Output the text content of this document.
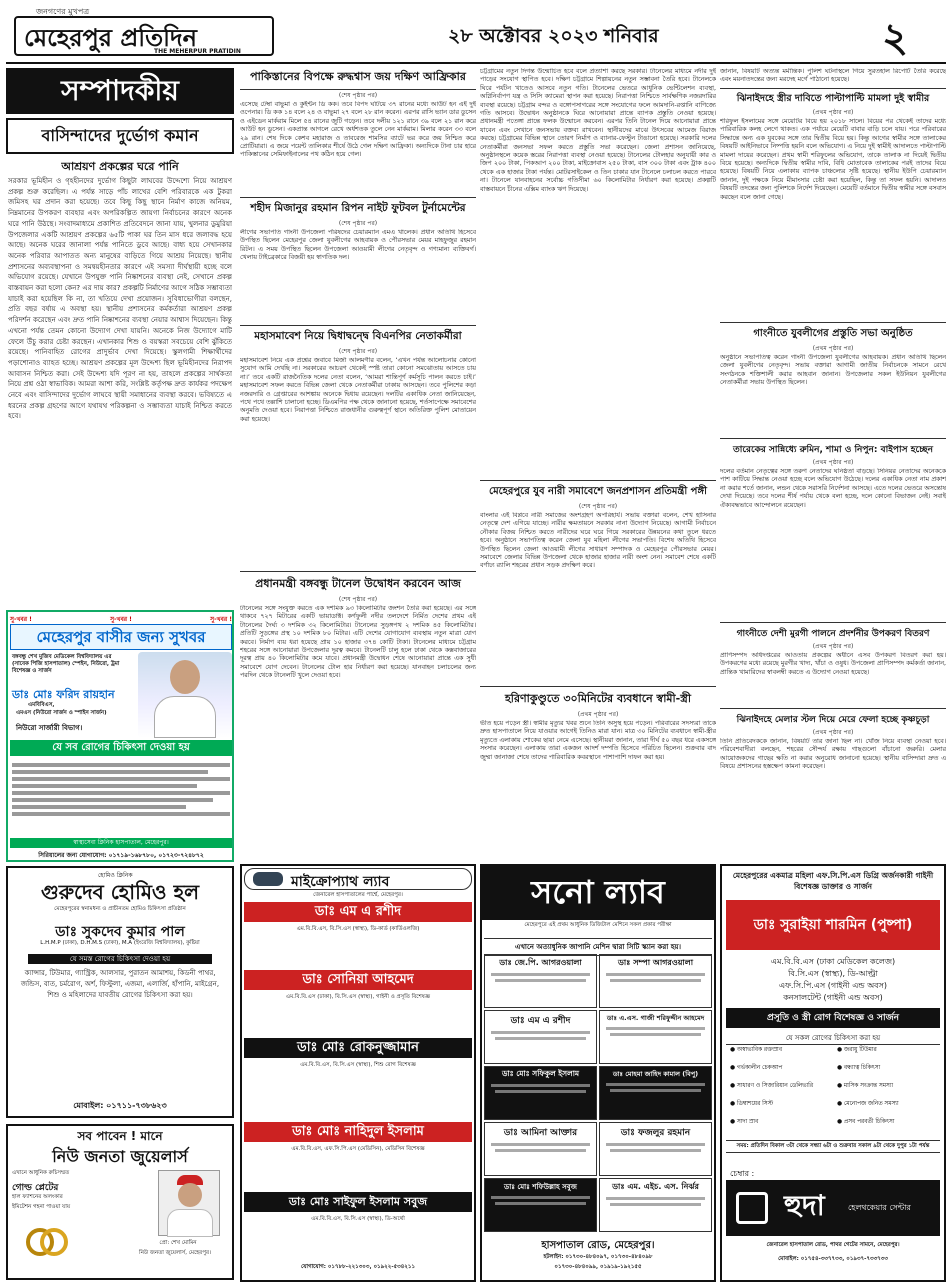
জনগণের মুখপত্র
মেহেরপুর প্রতিদিন
THE MEHERPUR PRATIDIN
২৮ অক্টোবর ২০২৩ শনিবার	২
সম্পাদকীয়
বাসিন্দাদের দুর্ভোগ কমান
আশ্রয়ণ প্রকল্পের ঘরে পানি
সরকার ভূমিহীন ও গৃহহীনদের দুর্ভোগ কিছুটা লাঘবের উদ্দেশ্যে নিয়ে আশ্রয়ণ প্রকল্প শুরু করেছিল। এ পর্যন্ত সাড়ে পাঁচ লাখের বেশি পরিবারকে এক টুকরা জমিসহ ঘর প্রদান করা হয়েছে। তবে কিছু কিছু স্থানে নির্মাণ কাজে অনিয়ম, নিম্নমানের উপকরণ ব্যবহার এবং অপরিকল্পিত জায়গা নির্বাচনের কারণে অনেক ঘরে পানি উঠছে। সংবাদমাধ্যমে প্রকাশিত প্রতিবেদনে জানা যায়, খুলনার ডুমুরিয়া উপজেলার একটি আশ্রয়ণ প্রকল্পের ৬৫টি পাকা ঘর তিন মাস ধরে জলাবদ্ধ হয়ে আছে। অনেক ঘরের জানালা পর্যন্ত পানিতে ডুবে আছে। বাধ্য হয়ে সেখানকার অনেক পরিবার আপাতত অন্য মানুষের বাড়িতে গিয়ে আশ্রয় নিয়েছে। স্থানীয় প্রশাসনের অব্যবস্থাপনা ও সমন্বয়হীনতার কারণে এই সমস্যা দীর্ঘস্থায়ী হচ্ছে বলে অভিযোগ রয়েছে। যেখানে উপযুক্ত পানি নিষ্কাশনের ব্যবস্থা নেই, সেখানে প্রকল্প বাস্তবায়ন করা হলো কেন? এর দায় কার? প্রকল্পটি নির্মাণের আগে সঠিক সম্ভাব্যতা যাচাই করা হয়েছিল কি না, তা খতিয়ে দেখা প্রয়োজন। সুবিধাভোগীরা বলছেন, প্রতি বছর বর্ষায় এ অবস্থা হয়। স্থানীয় প্রশাসনের কর্মকর্তারা আশ্রয়ণ প্রকল্প পরিদর্শন করেছেন এবং দ্রুত পানি নিষ্কাশনের ব্যবস্থা নেয়ার আশ্বাস দিয়েছেন। কিন্তু এখনো পর্যন্ত তেমন কোনো উদ্যোগ দেখা যায়নি। অনেকে নিজ উদ্যোগে মাটি ফেলে উঁচু করার চেষ্টা করছেন। এখানকার শিশু ও বয়স্করা সবচেয়ে বেশি ঝুঁকিতে রয়েছে। পানিবাহিত রোগের প্রাদুর্ভাব দেখা দিয়েছে। স্কুলগামী শিক্ষার্থীদের পড়াশোনাও ব্যাহত হচ্ছে। আশ্রয়ণ প্রকল্পের মূল উদ্দেশ্য ছিল ভূমিহীনদের নিরাপদ আবাসন নিশ্চিত করা। সেই উদ্দেশ্য যদি পূরণ না হয়, তাহলে প্রকল্পের সার্থকতা নিয়ে প্রশ্ন ওঠা স্বাভাবিক। আমরা আশা করি, সংশ্লিষ্ট কর্তৃপক্ষ দ্রুত কার্যকর পদক্ষেপ নেবে এবং বাসিন্দাদের দুর্ভোগ লাঘবে স্থায়ী সমাধানের ব্যবস্থা করবে। ভবিষ্যতে এ ধরনের প্রকল্প গ্রহণের আগে যথাযথ পরিকল্পনা ও সম্ভাব্যতা যাচাই নিশ্চিত করতে হবে।
সু-খবর !	সু-খবর !	সু-খবর !
মেহেরপুর বাসীর জন্য সুখবর
বঙ্গবন্ধু শেখ মুজিব মেডিকেল বিশ্ববিদ্যালয় এর (সাবেক পিজি হাসপাতাল) স্পেইন, নিউরো, ট্রমা বিশেষজ্ঞ ও সার্জন
ডাঃ মোঃ ফরিদ রায়হান
এমবিবিএস,
এমএস (নিউরো সার্জন ও স্পাইন সার্জন)
নিউরো সার্জারী বিভাগ।
যে সব রোগের চিকিৎসা দেওয়া হয়
স্বাস্থ্যসেবা ক্লিনিক হাসপাতাল, মেহেরপুর।
সিরিয়ালের জন্য যোগাযোগ: ০১৭১৯-১৬৮৭৮০, ০১৭২৩-৭২৪৮৭২
হোমিও ক্লিনিক
গুরুদেব হোমিও হল
মেহেরপুরের স্বনামধন্য ও প্রাচীনতম হোমিও চিকিৎসা প্রতিষ্ঠান
ডাঃ সুকদেব কুমার পাল
L.H.M.P (ঢাকা), D.H.M.S (ঢাকা), M.A (ইংরেজি বিশ্ববিদ্যালয়), কুষ্টিয়া
যে সমস্ত রোগের চিকিৎসা দেওয়া হয়
ক্যান্সার, টিউমার, গ্যাস্ট্রিক, আলসার, পুরাতন আমাশয়, কিডনী পাথর, জন্ডিস, বাত, চর্মরোগ, অর্শ, ফিস্টুলা, এজমা, এলার্জি, হাঁপানি, মাইগ্রেন, শিশু ও মহিলাদের যাবতীয় রোগের চিকিৎসা করা হয়।
মোবাইল: ০১৭১১-৭৩৮৬২৩
সব পাবেন ! মানে
নিউ জনতা জুয়েলার্স
এখানে আধুনিক রুচিসম্মত
গোল্ড প্লেটের
হাল ফ্যাশনের অলংকার
ইমিটেশন গহনা পাওয়া যায়
প্রো: শেখ মোমিন
নিউ জনতা জুয়েলার্স, মেহেরপুর।
পাকিস্তানের বিপক্ষে রুদ্ধশ্বাস জয় দক্ষিণ আফ্রিকার
(শেষ পৃষ্ঠার পর)
এসেছে টেম্বা বাভুমা ও কুইন্টন ডি কক। তবে বিপদ ঘটিয়ে ৩৭ রানের মধ্যে আউট হন এই দুই ওপেনার। ডি কক ১৪ বলে ২৪ ও বাভুমা ২৭ বলে ২৮ রান করেন। এরপর রাসি ভ্যান ডার ডুসেন ও এইডেন মার্করাম মিলে ৫৪ রানের জুটি গড়েন। তবে দলীয় ১২১ রানে ৩৯ বলে ২১ রান করে আউট হন ডুসেন। একপ্রান্ত আগলে রেখে অর্ধশতক তুলে নেন মার্করাম। মিলার করেন ৩৩ বলে ২৯ রান। শেষ দিকে কেশব মহারাজ ও তাবরেজ শামসির ব্যাটে ভর করে জয় নিশ্চিত করে প্রোটিয়ারা। এ জয়ে পয়েন্ট তালিকার শীর্ষে উঠে গেল দক্ষিণ আফ্রিকা। অন্যদিকে টানা চার হারে পাকিস্তানের সেমিফাইনালের পথ কঠিন হয়ে গেল।
শহীদ মিজানুর রহমান রিপন নাইট ফুটবল টুর্নামেন্টের
(শেষ পৃষ্ঠার পর)
লীগের সভাপতি গাংনী উপজেলা পরিষদের চেয়ারম্যান এমএ খালেক। প্রধান অতিথি হিসেবে উপস্থিত ছিলেন মেহেরপুর জেলা যুবলীগের আহবায়ক ও পৌরসভার মেয়র মাহফুজুর রহমান রিটন। এ সময় উপস্থিত ছিলেন উপজেলা আওয়ামী লীগের নেতৃবৃন্দ ও গণ্যমান্য ব্যক্তিবর্গ। খেলায় টাইব্রেকারে বিজয়ী হয় স্বাগতিক দল।
মহাসমাবেশ নিয়ে দ্বিধাদ্বন্দ্বে বিএনপির নেতাকর্মীরা
(শেষ পৃষ্ঠার পর)
মহাসমাবেশ নিয়ে এক প্রশ্নের জবাবে মির্জা আলমগীর বলেন, ‘এখন পর্যন্ত আলোচনার কোনো সুযোগ আমি দেখছি না। সরকারের আচরণ থেকেই স্পষ্ট তারা কোনো সমঝোতায় আসতে চায় না।’ তবে একটি রাজনৈতিক দলের নেতা বলেন, ‘আমরা শান্তিপূর্ণ কর্মসূচি পালন করতে চাই।’ মহাসমাবেশ সফল করতে বিভিন্ন জেলা থেকে নেতাকর্মীরা ঢাকায় আসছেন। তবে পুলিশের কড়া নজরদারি ও গ্রেপ্তারের আশঙ্কায় অনেকে দ্বিধায় রয়েছেন। দলটির একাধিক নেতা জানিয়েছেন, পথে পথে তল্লাশি চালানো হচ্ছে। ডিএমপির পক্ষ থেকে জানানো হয়েছে, শর্তসাপেক্ষে সমাবেশের অনুমতি দেওয়া হবে। নিরাপত্তা নিশ্চিতে রাজধানীর গুরুত্বপূর্ণ স্থানে অতিরিক্ত পুলিশ মোতায়েন করা হয়েছে।
প্রধানমন্ত্রী বঙ্গবন্ধু টানেল উদ্বোধন করবেন আজ
(শেষ পৃষ্ঠার পর)
টানেলের সঙ্গে সংযুক্ত করতে এক দশমিক ৯৩ কিলোমিটার জংশন তৈরি করা হয়েছে। এর সঙ্গে থাকবে ৭২৭ মিটারের একটি ভায়াডাক্ট। কর্ণফুলী নদীর তলদেশে নির্মিত দেশের প্রথম এই টানেলের দৈর্ঘ্য ৩ দশমিক ৩২ কিলোমিটার। টানেলের সুড়ঙ্গপথ ২ দশমিক ৪৫ কিলোমিটার। প্রতিটি সুড়ঙ্গের প্রস্থ ১০ দশমিক ৮০ মিটার। এটি দেশের যোগাযোগ ব্যবস্থায় নতুন মাত্রা যোগ করবে। নির্মাণ ব্যয় ধরা হয়েছে প্রায় ১০ হাজার ৩৭৪ কোটি টাকা। টানেলের মাধ্যমে চট্টগ্রাম শহরের সঙ্গে আনোয়ারা উপজেলার দূরত্ব কমবে। টানেলটি চালু হলে ঢাকা থেকে কক্সবাজারের দূরত্ব প্রায় ৪০ কিলোমিটার কমে যাবে। প্রধানমন্ত্রী উদ্বোধন শেষে আনোয়ারা প্রান্তে এক সুধী সমাবেশে যোগ দেবেন। টানেলের টোল হার নির্ধারণ করা হয়েছে। যানবাহন চলাচলের জন্য পরদিন থেকে টানেলটি খুলে দেওয়া হবে।
চট্টগ্রামের নতুন দিগন্ত উন্মোচিত হবে বলে প্রত্যাশা করছে সরকার। টানেলের মাধ্যমে নদীর দুই পাড়ের সংযোগ স্থাপিত হবে। দক্ষিণ চট্টগ্রামে শিল্পায়নের নতুন সম্ভাবনা তৈরি হবে। টানেলকে ঘিরে পর্যটন খাতেও আসবে নতুন গতি। টানেলের ভেতরে আধুনিক ভেন্টিলেশন ব্যবস্থা, অগ্নিনির্বাপণ যন্ত্র ও সিসি ক্যামেরা স্থাপন করা হয়েছে। নিরাপত্তা নিশ্চিতে সার্বক্ষণিক নজরদারির ব্যবস্থা রয়েছে। চট্টগ্রাম বন্দর ও বঙ্গোপসাগরের সঙ্গে সংযোগের ফলে আমদানি-রপ্তানি বাণিজ্যে গতি আসবে। উদ্বোধন অনুষ্ঠানকে ঘিরে আনোয়ারা প্রান্তে ব্যাপক প্রস্তুতি নেওয়া হয়েছে। প্রধানমন্ত্রী পতেঙ্গা প্রান্তে ফলক উন্মোচন করবেন। এরপর তিনি টানেল দিয়ে আনোয়ারা প্রান্তে যাবেন এবং সেখানে জনসভায় বক্তব্য রাখবেন। স্থানীয়দের মাঝে উৎসবের আমেজ বিরাজ করছে। চট্টগ্রামের বিভিন্ন স্থানে তোরণ নির্মাণ ও ব্যানার-ফেস্টুন টাঙানো হয়েছে। সরকারি দলের নেতাকর্মীরা জনসভা সফল করতে প্রস্তুতি সভা করেছেন। জেলা প্রশাসন জানিয়েছে, অনুষ্ঠানস্থলে কয়েক স্তরের নিরাপত্তা ব্যবস্থা নেওয়া হয়েছে। টানেলের টোলহার অনুযায়ী কার ও জিপ ২০০ টাকা, পিকআপ ২০০ টাকা, মাইক্রোবাস ২৫০ টাকা, বাস ৩০০ টাকা এবং ট্রাক ৪০০ থেকে এক হাজার টাকা পর্যন্ত। মোটরসাইকেল ও তিন চাকার যান টানেলে চলাচল করতে পারবে না। টানেলে যানবাহনের সর্বোচ্চ গতিসীমা ৬০ কিলোমিটার নির্ধারণ করা হয়েছে। প্রকল্পটি বাস্তবায়নে চীনের এক্সিম ব্যাংক ঋণ দিয়েছে।
মেহেরপুরে যুব নারী সমাবেশে জনপ্রশাসন প্রতিমন্ত্রী পঙ্গী
(শেষ পৃষ্ঠার পর)
বাংলার এই বিপ্লবে নারী সমাজের অংশগ্রহণ অপরিহার্য। সভায় বক্তারা বলেন, শেখ হাসিনার নেতৃত্বে দেশ এগিয়ে যাচ্ছে। নারীর ক্ষমতায়নে সরকার নানা উদ্যোগ নিয়েছে। আগামী নির্বাচনে নৌকার বিজয় নিশ্চিত করতে নারীদের ঘরে ঘরে গিয়ে সরকারের উন্নয়নের কথা তুলে ধরতে হবে। অনুষ্ঠানে সভাপতিত্ব করেন জেলা যুব মহিলা লীগের সভাপতি। বিশেষ অতিথি হিসেবে উপস্থিত ছিলেন জেলা আওয়ামী লীগের সাধারণ সম্পাদক ও মেহেরপুর পৌরসভার মেয়র। সমাবেশে জেলার বিভিন্ন উপজেলা থেকে হাজার হাজার নারী অংশ নেন। সমাবেশ শেষে একটি বর্ণাঢ্য র‍্যালি শহরের প্রধান সড়ক প্রদক্ষিণ করে।
হরিণাকুণ্ডুতে ৩০মিনিটের ব্যবধানে স্বামী-স্ত্রী
(প্রথম পৃষ্ঠার পর)
ভীত হয়ে পড়েন স্ত্রী। স্বামীর মৃত্যুর খবর শুনে তিনি অসুস্থ হয়ে পড়েন। পরিবারের সদস্যরা তাকে দ্রুত হাসপাতালে নিয়ে যাওয়ার আগেই তিনিও মারা যান। মাত্র ৩০ মিনিটের ব্যবধানে স্বামী-স্ত্রীর মৃত্যুতে এলাকায় শোকের ছায়া নেমে এসেছে। স্থানীয়রা জানান, তারা দীর্ঘ ৫০ বছর ধরে একসঙ্গে সংসার করেছেন। এলাকায় তারা একজন আদর্শ দম্পতি হিসেবে পরিচিত ছিলেন। শুক্রবার বাদ জুম্মা জানাজা শেষে তাদের পারিবারিক কবরস্থানে পাশাপাশি দাফন করা হয়।
জানান, বিষয়টি অত্যন্ত মর্মান্তিক। পুলিশ ঘটনাস্থলে গিয়ে সুরতহাল রিপোর্ট তৈরি করেছে এবং ময়নাতদন্তের জন্য মরদেহ মর্গে পাঠানো হয়েছে।
ঝিনাইদহে স্ত্রীর দাবিতে পাল্টাপাল্টি মামলা দুই স্বামীর
(প্রথম পৃষ্ঠার পর)
শরিফুল ইসলামের সঙ্গে মেয়েটির বিয়ে হয় ২০১৮ সালে। বিয়ের পর থেকেই তাদের মধ্যে পারিবারিক কলহ লেগে থাকত। এক পর্যায়ে মেয়েটি বাবার বাড়ি চলে যায়। পরে পরিবারের সিদ্ধান্তে অন্য এক যুবকের সঙ্গে তার দ্বিতীয় বিয়ে হয়। কিন্তু আগের স্বামীর সঙ্গে তালাকের বিষয়টি আইনিভাবে নিষ্পত্তি হয়নি বলে অভিযোগ। এ নিয়ে দুই স্বামীই আদালতে পাল্টাপাল্টি মামলা দায়ের করেছেন। প্রথম স্বামী শরিফুলের অভিযোগ, তাকে তালাক না দিয়েই দ্বিতীয় বিয়ে হয়েছে। অন্যদিকে দ্বিতীয় স্বামীর দাবি, বিধি মোতাবেক তালাকের পরই তাদের বিয়ে হয়েছে। বিষয়টি নিয়ে এলাকায় ব্যাপক চাঞ্চল্যের সৃষ্টি হয়েছে। স্থানীয় ইউপি চেয়ারম্যান জানান, দুই পক্ষকে নিয়ে মীমাংসার চেষ্টা করা হয়েছিল, কিন্তু তা সফল হয়নি। আদালত বিষয়টি তদন্তের জন্য পুলিশকে নির্দেশ দিয়েছেন। মেয়েটি বর্তমানে দ্বিতীয় স্বামীর সঙ্গে বসবাস করছেন বলে জানা গেছে।
গাংনীতে যুবলীগের প্রস্তুতি সভা অনুষ্ঠিত
(প্রথম পৃষ্ঠার পর)
অনুষ্ঠানে সভাপতিত্ব করেন গাংনী উপজেলা যুবলীগের আহবায়ক। প্রধান অতিথি ছিলেন জেলা যুবলীগের নেতৃবৃন্দ। সভায় বক্তারা আগামী জাতীয় নির্বাচনকে সামনে রেখে সংগঠনকে শক্তিশালী করার আহবান জানান। উপজেলার সকল ইউনিয়ন যুবলীগের নেতাকর্মীরা সভায় উপস্থিত ছিলেন।
তারেকের সান্নিধ্যে রুমিন, শামা ও নিপুন: বাইপাস হচ্ছেন
(প্রথম পৃষ্ঠার পর)
দলের বর্তমান নেতৃত্বের সঙ্গে তরুণ নেতাদের ঘনিষ্ঠতা বাড়ছে। সিনিয়র নেতাদের অনেককে পাশ কাটিয়ে সিদ্ধান্ত নেওয়া হচ্ছে বলে অভিযোগ উঠেছে। দলের একাধিক নেতা নাম প্রকাশ না করার শর্তে জানান, লন্ডন থেকে সরাসরি নির্দেশনা আসছে। এতে দলের ভেতরে অসন্তোষ দেখা দিয়েছে। তবে দলের শীর্ষ পর্যায় থেকে বলা হচ্ছে, দলে কোনো বিভাজন নেই। সবাই ঐক্যবদ্ধভাবে আন্দোলনে রয়েছেন।
গাংনীতে দেশী মুরগী পালনে প্রদর্শনীর উপকরণ বিতরণ
(প্রথম পৃষ্ঠার পর)
প্রাণিসম্পদ অধিদপ্তরের আওতায় প্রকল্পের অধীনে এসব উপকরণ বিতরণ করা হয়। উপকরণের মধ্যে রয়েছে মুরগীর খাদ্য, খাঁচা ও ওষুধ। উপজেলা প্রাণিসম্পদ কর্মকর্তা জানান, প্রান্তিক খামারিদের স্বাবলম্বী করতে এ উদ্যোগ নেওয়া হয়েছে।
ঝিনাইদহে মেলার স্টল দিয়ে মেরে ফেলা হচ্ছে কৃষ্ণচূড়া
(প্রথম পৃষ্ঠার পর)
তিনি প্রতিবেদককে জানান, বিষয়টি তার জানা ছিল না। খোঁজ নিয়ে ব্যবস্থা নেওয়া হবে। পরিবেশবাদীরা বলছেন, শহরের সৌন্দর্য রক্ষায় গাছগুলো বাঁচানো জরুরি। মেলার আয়োজকদের গাছের ক্ষতি না করার অনুরোধ জানানো হয়েছে। স্থানীয় বাসিন্দারা দ্রুত এ বিষয়ে প্রশাসনের হস্তক্ষেপ কামনা করেছেন।
মাইক্রোপ্যাথ ল্যাব
জেনারেল হাসপাতালের পার্শ্বে, মেহেরপুর।
ডাঃ এম এ রশীদ
এম.বি.বি.এস, বি.সি.এস (স্বাস্থ্য), ডি-কার্ড (কার্ডিওলজি)
ডাঃ সোনিয়া আহমেদ
এম.বি.বি.এস (ঢাকা), বি.সি.এস (স্বাস্থ্য), গাইনী ও প্রসূতি বিশেষজ্ঞ
ডাঃ মোঃ রোকনুজ্জামান
এম.বি.বি.এস, বি.সি.এস (স্বাস্থ্য), শিশু রোগ বিশেষজ্ঞ
ডাঃ মোঃ নাহিদুল ইসলাম
এম.বি.বি.এস, এফ.সি.পি.এস (মেডিসিন), মেডিসিন বিশেষজ্ঞ
ডাঃ মোঃ সাইফুল ইসলাম সবুজ
এম.বি.বি.এস, বি.সি.এস (স্বাস্থ্য), ডি-অর্থো
যোগাযোগ: ০১৭৮৮-২২১৩০৩, ০১৯২২-৫৩৪২১১
সনো ল্যাব
মেহেরপুরে এই প্রথম আধুনিক ডিজিটাল মেশিনে সকল প্রকার পরীক্ষা
এখানে অত্যাধুনিক জাপানি মেশিন দ্বারা সিটি স্ক্যান করা হয়।
ডাঃ জে.পি. আগরওয়ালা	ডাঃ সম্পা আগরওয়ালা
ডাঃ এম এ রশীদ	ডাঃ এ.এস. গাজী শরিফুদ্দীন আহমেদ
ডাঃ মোঃ সফিকুল ইসলাম	ডাঃ মোহমা জাহিদ কামাল (বিপু)
ডাঃ আমিনা আক্তার	ডাঃ ফজলুর রহমান
ডাঃ মোঃ শফিউল্লাহ সবুজ	ডাঃ এম. এইচ. এস. নির্ঝর
হাসপাতাল রোড, মেহেরপুর।
হটলাইন: ০১৭৩০-৪৮৪০৯৭, ০১৭৩০-৪৮৪০৯৮
০১৭৩০-৪৮৪০৯৯, ০১৯১৯-১৯২১৫৫
মেহেরপুরের একমাত্র মহিলা এফ.সি.পি.এস ডিগ্রি অর্জনকারী গাইনী বিশেষজ্ঞ ডাক্তার ও সার্জন
ডাঃ সুরাইয়া শারমিন (পুষ্পা)
এম.বি.বি.এস (ঢাকা মেডিকেল কলেজ)
বি.সি.এস (স্বাস্থ্য), ডি-আল্ট্রা
এফ.সি.পি.এস (গাইনী এন্ড অবস)
কনসালটেন্ট (গাইনী এন্ড অবস)
প্রসূতি ও স্ত্রী রোগ বিশেষজ্ঞ ও সার্জন
যে সকল রোগের চিকিৎসা করা হয়
● অস্বাভাবিক রক্তস্রাব	● জরায়ু টিউমার
● গর্ভকালীন চেকআপ	● বন্ধ্যাত্ব চিকিৎসা
● সাধারণ ও সিজারিয়ান ডেলিভারি	● মাসিক সংক্রান্ত সমস্যা
● ডিম্বাশয়ের সিস্ট	● মেনোপজ জনিত সমস্যা
● সাদা স্রাব	● প্রসব পরবর্তী চিকিৎসা
সময়: প্রতিদিন বিকাল ৩টা থেকে সন্ধ্যা ৬টা ও শুক্রবার সকাল ৯টা থেকে দুপুর ১টা পর্যন্ত
চেম্বার :
হুদা	হেলথকেয়ার সেন্টার
জেনারেল হাসপাতাল রোড, পাথর গেটের সামনে, মেহেরপুর।
মোবাইল: ০১৭৫৪-৩৩৭৭৩৩, ০১৯৩৭-৭৩৩৭৩৩
